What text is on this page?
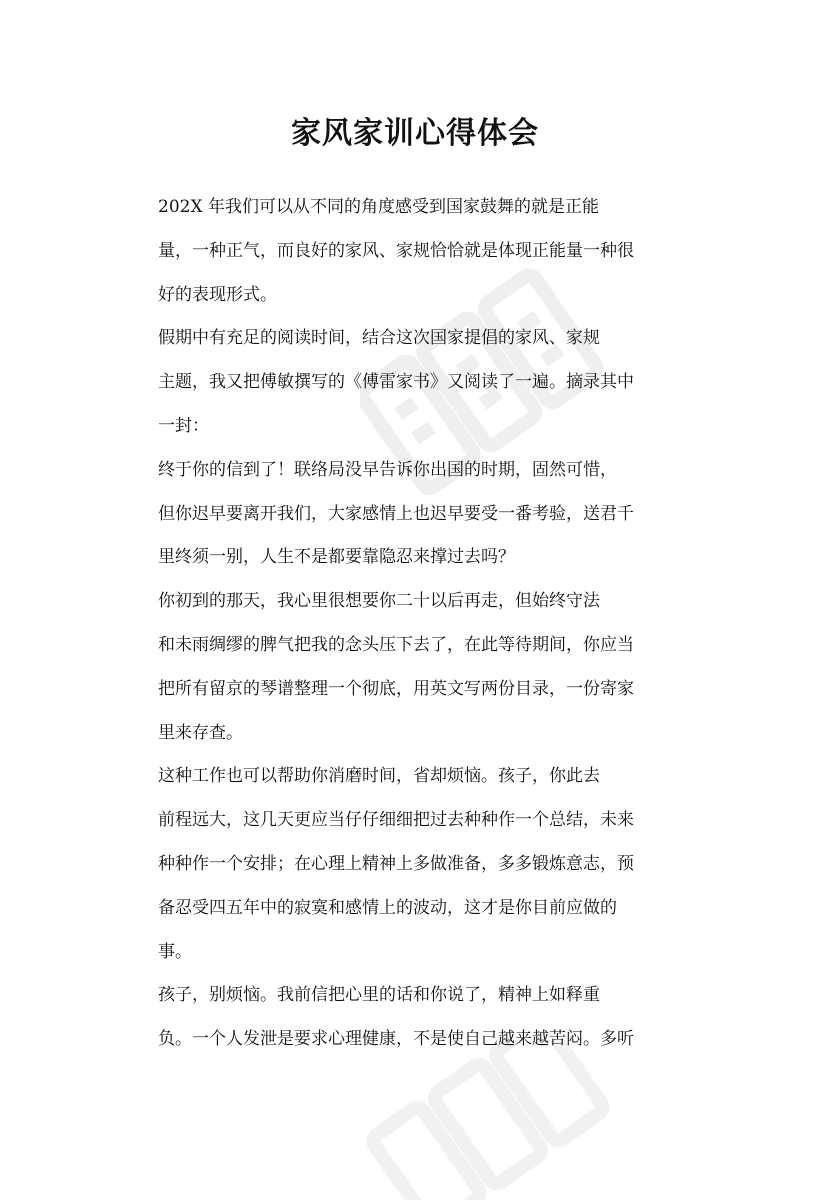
家风家训心得体会

202X 年我们可以从不同的角度感受到国家鼓舞的就是正能

量，一种正气，而良好的家风、家规恰恰就是体现正能量一种很

好的表现形式。

假期中有充足的阅读时间，结合这次国家提倡的家风、家规

主题，我又把傅敏撰写的《傅雷家书》又阅读了一遍。摘录其中

一封：

终于你的信到了！联络局没早告诉你出国的时期，固然可惜，

但你迟早要离开我们，大家感情上也迟早要受一番考验，送君千

里终须一别，人生不是都要靠隐忍来撑过去吗？

你初到的那天，我心里很想要你二十以后再走，但始终守法

和未雨绸缪的脾气把我的念头压下去了，在此等待期间，你应当

把所有留京的琴谱整理一个彻底，用英文写两份目录，一份寄家

里来存查。

这种工作也可以帮助你消磨时间，省却烦恼。孩子，你此去

前程远大，这几天更应当仔仔细细把过去种种作一个总结，未来

种种作一个安排；在心理上精神上多做准备，多多锻炼意志，预

备忍受四五年中的寂寞和感情上的波动，这才是你目前应做的

事。

孩子，别烦恼。我前信把心里的话和你说了，精神上如释重

负。一个人发泄是要求心理健康，不是使自己越来越苦闷。多听
